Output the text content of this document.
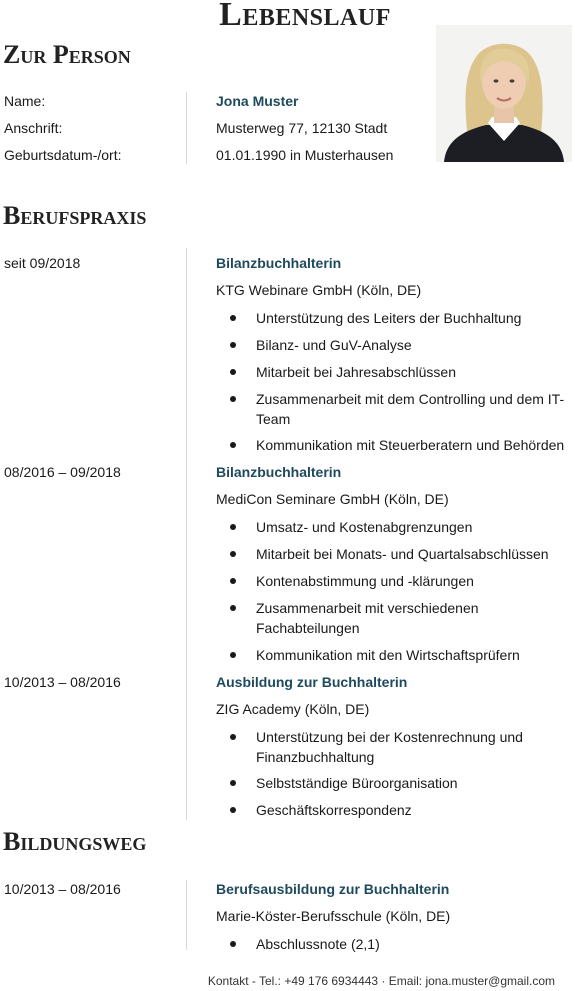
Lebenslauf
Zur Person
Name:	Jona Muster
Anschrift:	Musterweg 77, 12130 Stadt
Geburtsdatum-/ort:	01.01.1990 in Musterhausen
Berufspraxis
seit 09/2018	Bilanzbuchhalterin
KTG Webinare GmbH (Köln, DE)
Unterstützung des Leiters der Buchhaltung
Bilanz- und GuV-Analyse
Mitarbeit bei Jahresabschlüssen
Zusammenarbeit mit dem Controlling und dem IT-Team
Kommunikation mit Steuerberatern und Behörden
08/2016 – 09/2018	Bilanzbuchhalterin
MediCon Seminare GmbH (Köln, DE)
Umsatz- und Kostenabgrenzungen
Mitarbeit bei Monats- und Quartalsabschlüssen
Kontenabstimmung und -klärungen
Zusammenarbeit mit verschiedenen Fachabteilungen
Kommunikation mit den Wirtschaftsprüfern
10/2013 – 08/2016	Ausbildung zur Buchhalterin
ZIG Academy (Köln, DE)
Unterstützung bei der Kostenrechnung und Finanzbuchhaltung
Selbstständige Büroorganisation
Geschäftskorrespondenz
Bildungsweg
10/2013 – 08/2016	Berufsausbildung zur Buchhalterin
Marie-Köster-Berufsschule (Köln, DE)
Abschlussnote (2,1)
Kontakt - Tel.: +49 176 6934443 · Email: jona.muster@gmail.com
